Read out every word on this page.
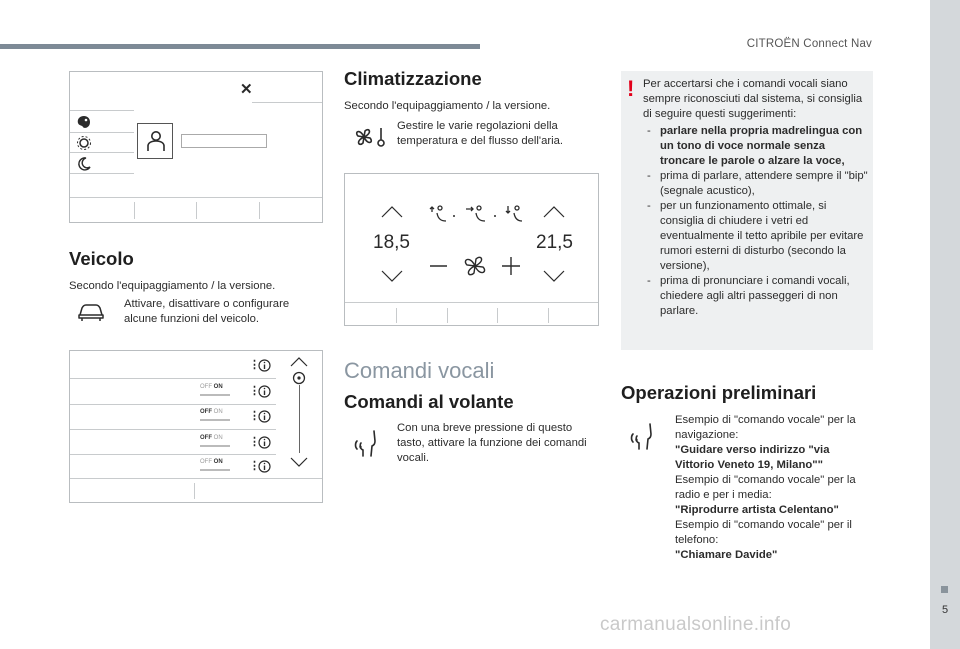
CITROËN Connect Nav
5
carmanualsonline.info
✕
Veicolo
Secondo l'equipaggiamento / la versione.
Attivare, disattivare o configurare alcune funzioni del veicolo.
OFF ON
OFF ON
OFF ON
OFF ON
⋮
⋮
⋮
⋮
⋮
Climatizzazione
Secondo l'equipaggiamento / la versione.
Gestire le varie regolazioni della temperatura e del flusso dell'aria.
18,5	21,5
Comandi vocali
Comandi al volante
Con una breve pressione di questo tasto, attivare la funzione dei comandi vocali.
! Per accertarsi che i comandi vocali siano sempre riconosciuti dal sistema, si consiglia di seguire questi suggerimenti:
- parlare nella propria madrelingua con un tono di voce normale senza troncare le parole o alzare la voce,
- prima di parlare, attendere sempre il "bip" (segnale acustico),
- per un funzionamento ottimale, si consiglia di chiudere i vetri ed eventualmente il tetto apribile per evitare rumori esterni di disturbo (secondo la versione),
- prima di pronunciare i comandi vocali, chiedere agli altri passeggeri di non parlare.
Operazioni preliminari
Esempio di "comando vocale" per la navigazione:
"Guidare verso indirizzo "via Vittorio Veneto 19, Milano""
Esempio di "comando vocale" per la radio e per i media:
"Riprodurre artista Celentano"
Esempio di "comando vocale" per il telefono:
"Chiamare Davide"
